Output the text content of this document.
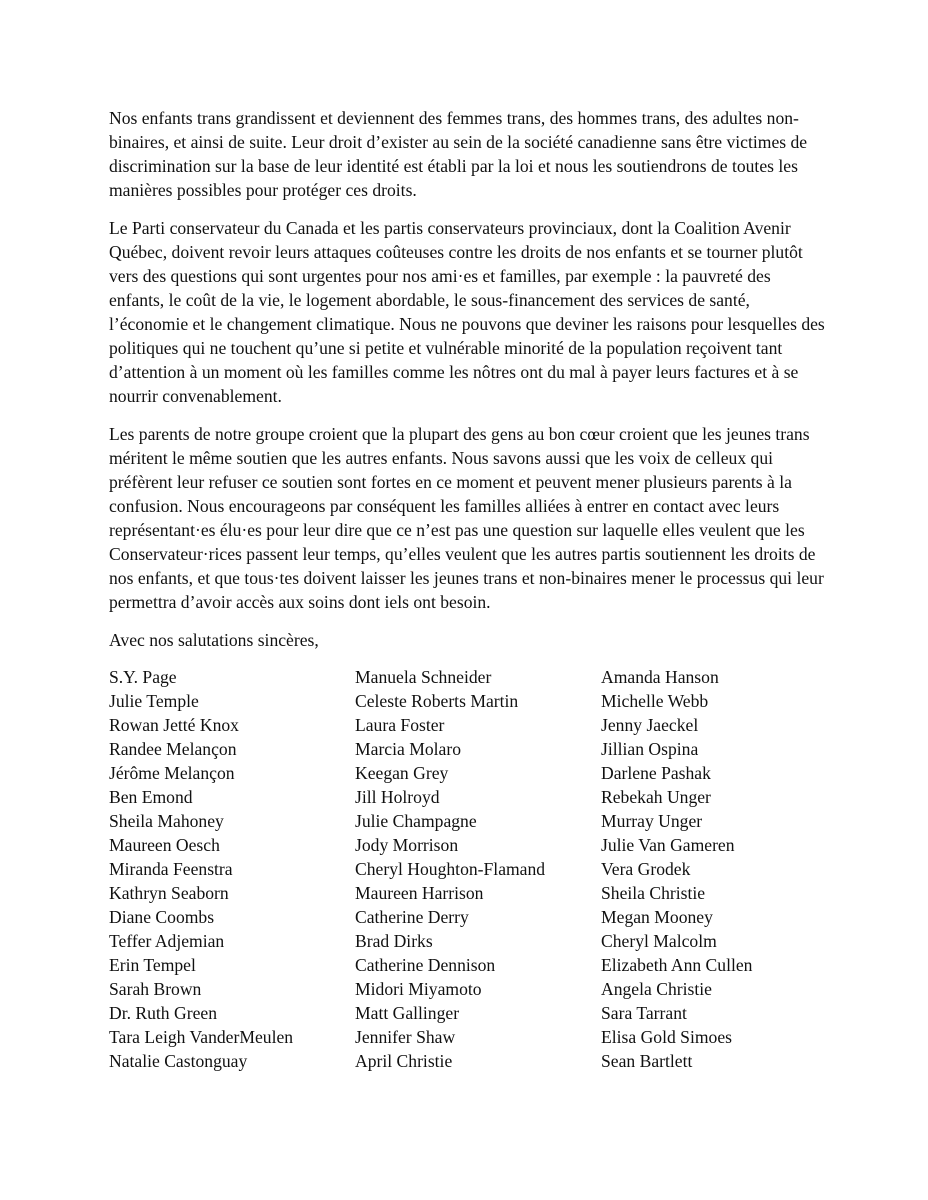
Nos enfants trans grandissent et deviennent des femmes trans, des hommes trans, des adultes non-binaires, et ainsi de suite. Leur droit d’exister au sein de la société canadienne sans être victimes de discrimination sur la base de leur identité est établi par la loi et nous les soutiendrons de toutes les manières possibles pour protéger ces droits.

Le Parti conservateur du Canada et les partis conservateurs provinciaux, dont la Coalition Avenir Québec, doivent revoir leurs attaques coûteuses contre les droits de nos enfants et se tourner plutôt vers des questions qui sont urgentes pour nos ami·es et familles, par exemple : la pauvreté des enfants, le coût de la vie, le logement abordable, le sous-financement des services de santé, l’économie et le changement climatique. Nous ne pouvons que deviner les raisons pour lesquelles des politiques qui ne touchent qu’une si petite et vulnérable minorité de la population reçoivent tant d’attention à un moment où les familles comme les nôtres ont du mal à payer leurs factures et à se nourrir convenablement.

Les parents de notre groupe croient que la plupart des gens au bon cœur croient que les jeunes trans méritent le même soutien que les autres enfants. Nous savons aussi que les voix de celleux qui préfèrent leur refuser ce soutien sont fortes en ce moment et peuvent mener plusieurs parents à la confusion. Nous encourageons par conséquent les familles alliées à entrer en contact avec leurs représentant·es élu·es pour leur dire que ce n’est pas une question sur laquelle elles veulent que les Conservateur·rices passent leur temps, qu’elles veulent que les autres partis soutiennent les droits de nos enfants, et que tous·tes doivent laisser les jeunes trans et non-binaires mener le processus qui leur permettra d’avoir accès aux soins dont iels ont besoin.

Avec nos salutations sincères,

S.Y. Page
Julie Temple
Rowan Jetté Knox
Randee Melançon
Jérôme Melançon
Ben Emond
Sheila Mahoney
Maureen Oesch
Miranda Feenstra
Kathryn Seaborn
Diane Coombs
Teffer Adjemian
Erin Tempel
Sarah Brown
Dr. Ruth Green
Tara Leigh VanderMeulen
Natalie Castonguay
Manuela Schneider
Celeste Roberts Martin
Laura Foster
Marcia Molaro
Keegan Grey
Jill Holroyd
Julie Champagne
Jody Morrison
Cheryl Houghton-Flamand
Maureen Harrison
Catherine Derry
Brad Dirks
Catherine Dennison
Midori Miyamoto
Matt Gallinger
Jennifer Shaw
April Christie
Amanda Hanson
Michelle Webb
Jenny Jaeckel
Jillian Ospina
Darlene Pashak
Rebekah Unger
Murray Unger
Julie Van Gameren
Vera Grodek
Sheila Christie
Megan Mooney
Cheryl Malcolm
Elizabeth Ann Cullen
Angela Christie
Sara Tarrant
Elisa Gold Simoes
Sean Bartlett
